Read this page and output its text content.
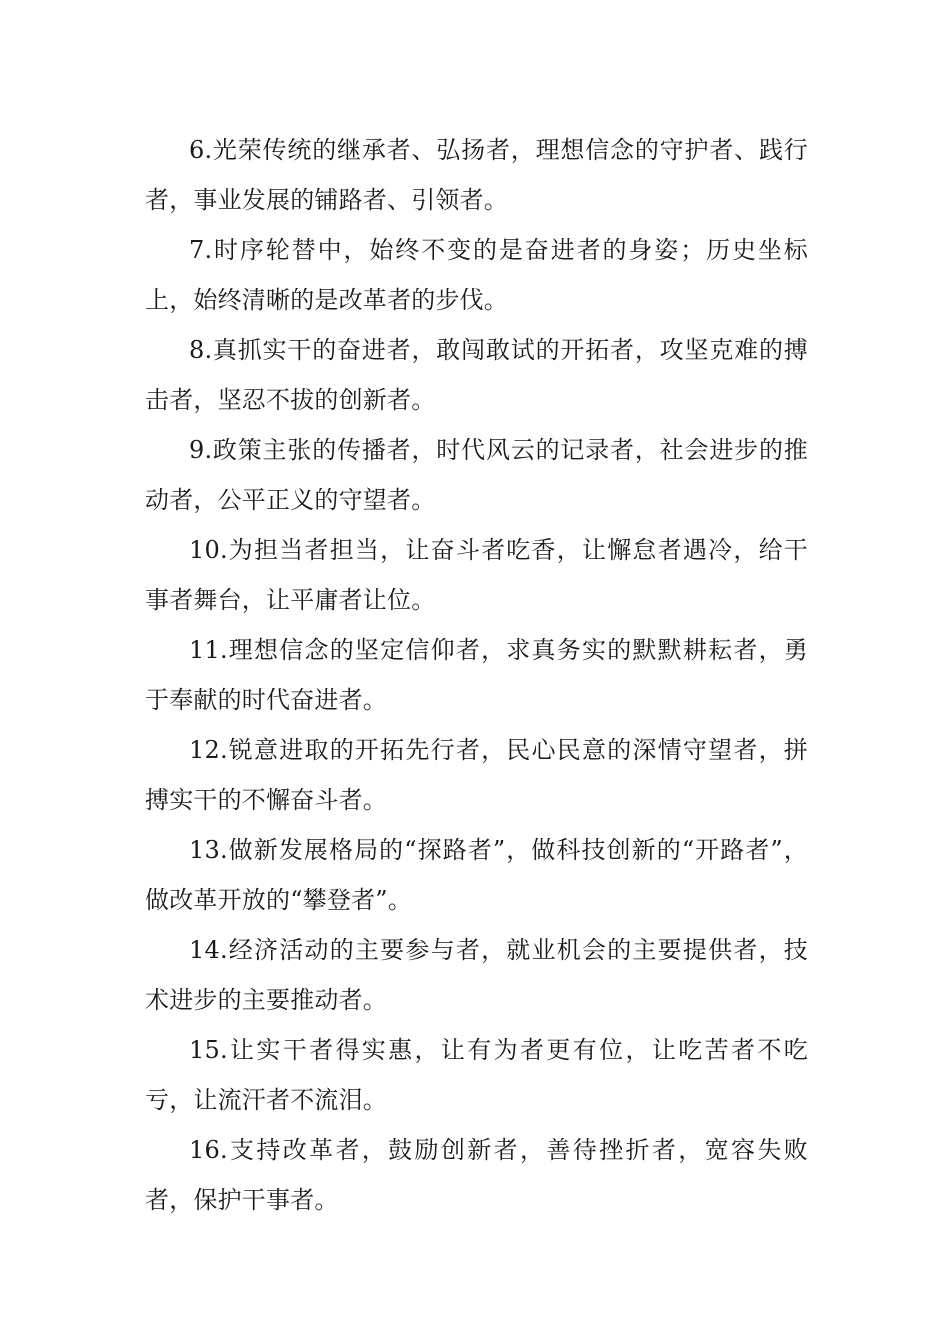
6.光荣传统的继承者、弘扬者，理想信念的守护者、践行者，事业发展的铺路者、引领者。

7.时序轮替中，始终不变的是奋进者的身姿；历史坐标上，始终清晰的是改革者的步伐。

8.真抓实干的奋进者，敢闯敢试的开拓者，攻坚克难的搏击者，坚忍不拔的创新者。

9.政策主张的传播者，时代风云的记录者，社会进步的推动者，公平正义的守望者。

10.为担当者担当，让奋斗者吃香，让懈怠者遇冷，给干事者舞台，让平庸者让位。

11.理想信念的坚定信仰者，求真务实的默默耕耘者，勇于奉献的时代奋进者。

12.锐意进取的开拓先行者，民心民意的深情守望者，拼搏实干的不懈奋斗者。

13.做新发展格局的“探路者”，做科技创新的“开路者”，做改革开放的“攀登者”。

14.经济活动的主要参与者，就业机会的主要提供者，技术进步的主要推动者。

15.让实干者得实惠，让有为者更有位，让吃苦者不吃亏，让流汗者不流泪。

16.支持改革者，鼓励创新者，善待挫折者，宽容失败者，保护干事者。
